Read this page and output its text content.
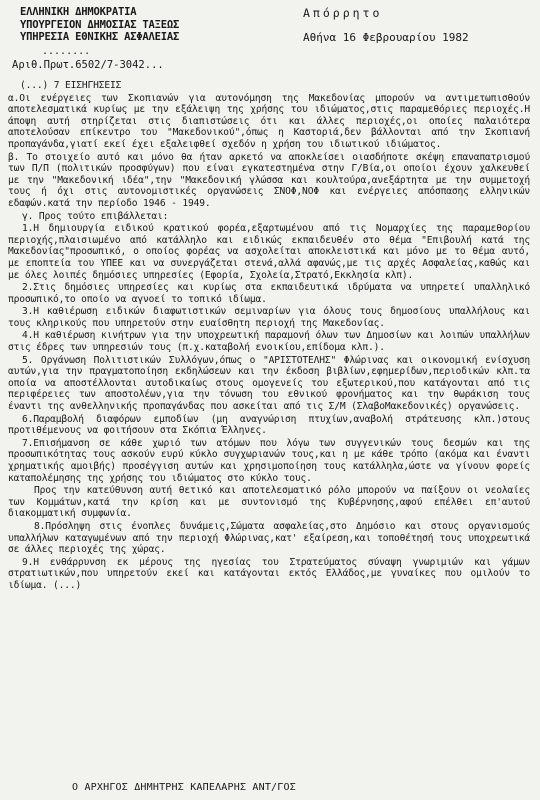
ΕΛΛΗΝΙΚΗ ΔΗΜΟΚΡΑΤΙΑ
ΥΠΟΥΡΓΕΙΟΝ ΔΗΜΟΣΙΑΣ ΤΑΞΕΩΣ
ΥΠΗΡΕΣΙΑ ΕΘΝΙΚΗΣ ΑΣΦΑΛΕΙΑΣ
Απόρρητο
Αθήνα 16 Φεβρουαρίου 1982
........
Αριθ.Πρωτ.6502/7-3042...

(...) 7 ΕΙΣΗΓΗΣΕΙΣ

α.Οι ενέργειες των Σκοπιανών για αυτονόμηση της Μακεδονίας μπορούν να αντιμετωπισθούν αποτελεσματικά κυρίως με την εξάλειψη της χρήσης του ιδιώματος,στις παραμεθόριες περιοχές.Η άποψη αυτή στηρίζεται στις διαπιστώσεις ότι και άλλες περιοχές,οι οποίες παλαιότερα αποτελούσαν επίκεντρο του "Μακεδονικού",όπως η Καστοριά,δεν βάλλονται από την Σκοπιανή προπαγάνδα,γιατί εκεί έχει εξαλειφθεί σχεδόν η χρήση του ιδιωτικού ιδιώματος.

β. Το στοιχείο αυτό και μόνο θα ήταν αρκετό να αποκλείσει οιασδήποτε σκέψη επαναπατρισμού των Π/Π (πολιτικών προσφύγων) που είναι εγκατεστημένα στην Γ/Βία,οι οποίοι έχουν χαλκευθεί με την "Μακεδονική ιδέα",την "Μακεδονική γλώσσα και κουλτούρα,ανεξάρτητα με την συμμετοχή τους ή όχι στις αυτονομιστικές οργανώσεις ΣΝΟΦ,ΝΟΦ και ενέργειες απόσπασης ελληνικών εδαφών.κατά την περίοδο 1946 - 1949.

γ. Προς τούτο επιβάλλεται:

1.Η δημιουργία ειδικού κρατικού φορέα,εξαρτωμένου από τις Νομαρχίες της παραμεθορίου περιοχής,πλαισιωμένο από κατάλληλο και ειδικώς εκπαιδευθέν στο θέμα "Επιβουλή κατά της Μακεδονίας"προσωπικό, ο οποίος φορέας να ασχολείται αποκλειστικά και μόνο με το θέμα αυτό, με εποπτεία του ΥΠΕΕ και να συνεργάζεται στενά,αλλά αφανώς,με τις αρχές Ασφαλείας,καθώς και με όλες λοιπές δημόσιες υπηρεσίες (Εφορία, Σχολεία,Στρατό,Εκκλησία κλπ).

2.Στις δημόσιες υπηρεσίες και κυρίως στα εκπαιδευτικά ιδρύματα να υπηρετεί υπαλληλικό προσωπικό,το οποίο να αγνοεί το τοπικό ιδίωμα.

3.Η καθιέρωση ειδικών διαφωτιστικών σεμιναρίων για όλους τους δημοσίους υπαλλήλους και τους κληρικούς που υπηρετούν στην ευαίσθητη περιοχή της Μακεδονίας.

4.Η καθιέρωση κινήτρων για την υποχρεωτική παραμονή όλων των Δημοσίων και λοιπών υπαλλήλων στις έδρες των υπηρεσιών τους (π.χ.καταβολή ενοικίου,επίδομα κλπ.).

5. Οργάνωση Πολιτιστικών Συλλόγων,όπως ο "ΑΡΙΣΤΟΤΕΛΗΣ" Φλώρινας και οικονομική ενίσχυση αυτών,για την πραγματοποίηση εκδηλώσεων και την έκδοση βιβλίων,εφημερίδων,περιοδικών κλπ.τα οποία να αποστέλλονται αυτοδικαίως στους ομογενείς του εξωτερικού,που κατάγονται από τις περιφέρειες των αποστολέων,για την τόνωση του εθνικού φρονήματος και την θωράκιση τους έναντι της ανθελληνικής προπαγάνδας που ασκείται από τις Σ/Μ (ΣλαβοΜακεδονικές) οργανώσεις.

6.Παραμβολή διαφόρων εμποδίων (μη αναγνώριση πτυχίων,αναβολή στράτευσης κλπ.)στους προτιθέμενους να φοιτήσουν στα Σκόπια Έλληνες.

7.Επισήμανση σε κάθε χωριό των ατόμων που λόγω των συγγενικών τους δεσμών και της προσωπικότητας τους ασκούν ευρύ κύκλο συγχωριανών τους,και η με κάθε τρόπο (ακόμα και έναντι χρηματικής αμοιβής) προσέγγιση αυτών και χρησιμοποίηση τους κατάλληλα,ώστε να γίνουν φορείς καταπολέμησης της χρήσης του ιδιώματος στο κύκλο τους.

Προς την κατεύθυνση αυτή θετικό και αποτελεσματικό ρόλο μπορούν να παίξουν οι νεολαίες των Κομμάτων,κατά την κρίση και με συντονισμό της Κυβέρνησης,αφού επέλθει επ'αυτού διακομματική συμφωνία.

8.Πρόσληψη στις ένοπλες δυνάμεις,Σώματα ασφαλείας,στο Δημόσιο και στους οργανισμούς υπαλλήλων καταγωμένων από την περιοχή Φλώρινας,κατ' εξαίρεση,και τοποθέτησή τους υποχρεωτικά σε άλλες περιοχές της χώρας.

9.Η ενθάρρυνση εκ μέρους της ηγεσίας του Στρατεύματος σύναψη γνωριμιών και γάμων στρατιωτικών,που υπηρετούν εκεί και κατάγονται εκτός Ελλάδος,με γυναίκες που ομιλούν το ιδίωμα. (...)

Ο ΑΡΧΗΓΟΣ ΔΗΜΗΤΡΗΣ ΚΑΠΕΛΑΡΗΣ ΑΝΤ/ΓΟΣ
